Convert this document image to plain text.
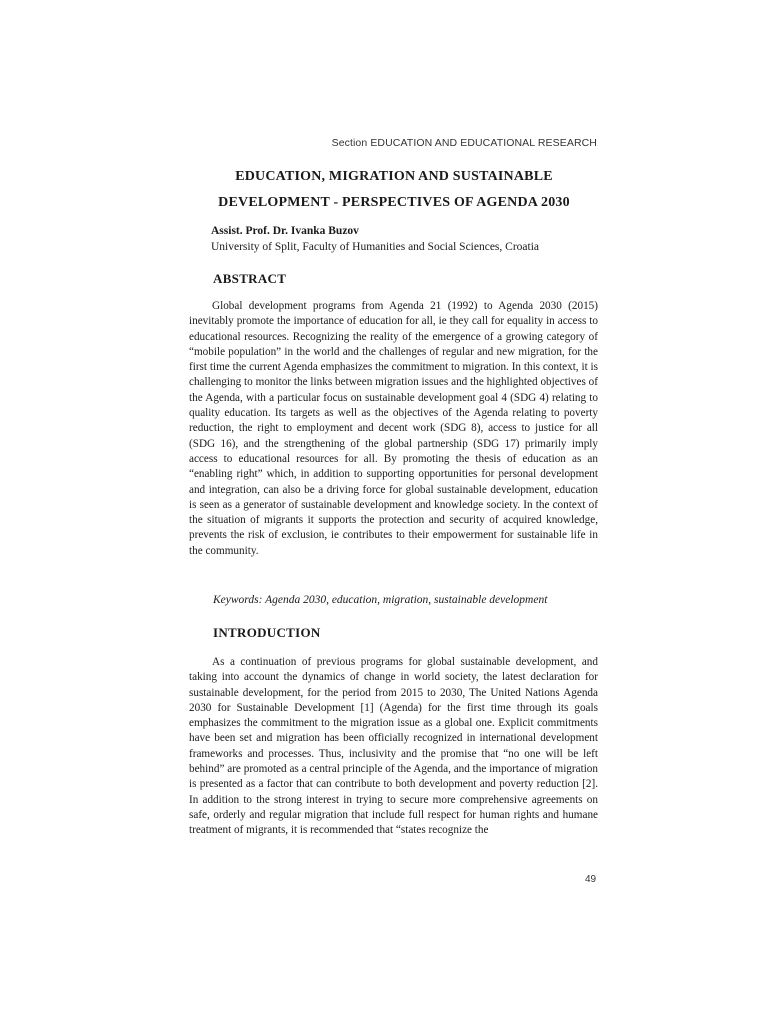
Section EDUCATION AND EDUCATIONAL RESEARCH
EDUCATION, MIGRATION AND SUSTAINABLE
DEVELOPMENT - PERSPECTIVES OF AGENDA 2030
Assist. Prof. Dr. Ivanka Buzov
University of Split, Faculty of Humanities and Social Sciences, Croatia
ABSTRACT

Global development programs from Agenda 21 (1992) to Agenda 2030 (2015) inevitably promote the importance of education for all, ie they call for equality in access to educational resources. Recognizing the reality of the emergence of a growing category of “mobile population” in the world and the challenges of regular and new migration, for the first time the current Agenda emphasizes the commitment to migration. In this context, it is challenging to monitor the links between migration issues and the highlighted objectives of the Agenda, with a particular focus on sustainable development goal 4 (SDG 4) relating to quality education. Its targets as well as the objectives of the Agenda relating to poverty reduction, the right to employment and decent work (SDG 8), access to justice for all (SDG 16), and the strengthening of the global partnership (SDG 17) primarily imply access to educational resources for all. By promoting the thesis of education as an “enabling right” which, in addition to supporting opportunities for personal development and integration, can also be a driving force for global sustainable development, education is seen as a generator of sustainable development and knowledge society. In the context of the situation of migrants it supports the protection and security of acquired knowledge, prevents the risk of exclusion, ie contributes to their empowerment for sustainable life in the community.

Keywords: Agenda 2030, education, migration, sustainable development

INTRODUCTION

As a continuation of previous programs for global sustainable development, and taking into account the dynamics of change in world society, the latest declaration for sustainable development, for the period from 2015 to 2030, The United Nations Agenda 2030 for Sustainable Development [1] (Agenda) for the first time through its goals emphasizes the commitment to the migration issue as a global one. Explicit commitments have been set and migration has been officially recognized in international development frameworks and processes. Thus, inclusivity and the promise that “no one will be left behind” are promoted as a central principle of the Agenda, and the importance of migration is presented as a factor that can contribute to both development and poverty reduction [2]. In addition to the strong interest in trying to secure more comprehensive agreements on safe, orderly and regular migration that include full respect for human rights and humane treatment of migrants, it is recommended that “states recognize the

49
